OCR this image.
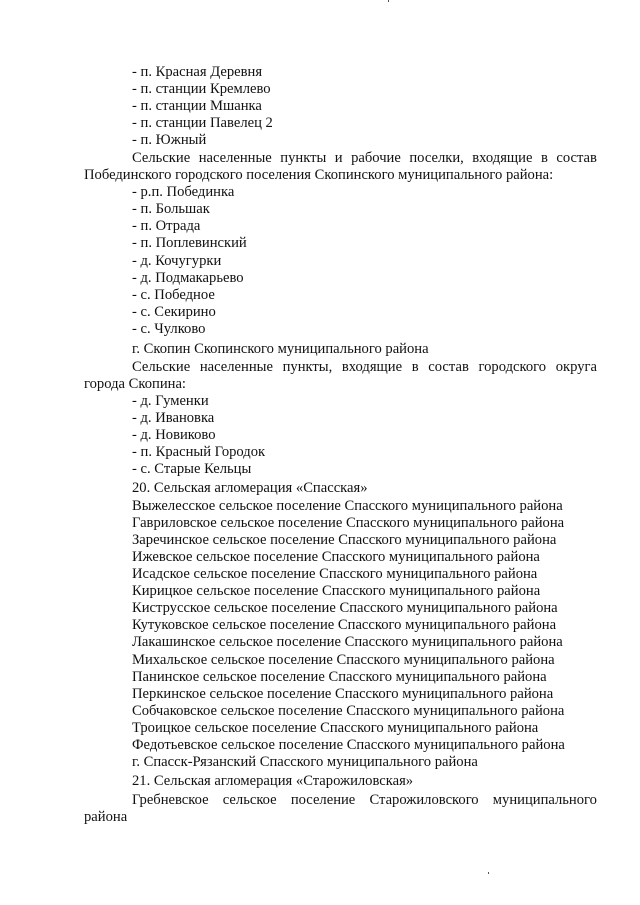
- п. Красная Деревня
- п. станции Кремлево
- п. станции Мшанка
- п. станции Павелец 2
- п. Южный
Сельские населенные пункты и рабочие поселки, входящие в состав
Побединского городского поселения Скопинского муниципального района:
- р.п. Побединка
- п. Большак
- п. Отрада
- п. Поплевинский
- д. Кочугурки
- д. Подмакарьево
- с. Победное
- с. Секирино
- с. Чулково
г. Скопин Скопинского муниципального района
Сельские населенные пункты, входящие в состав городского округа
города Скопина:
- д. Гуменки
- д. Ивановка
- д. Новиково
- п. Красный Городок
- с. Старые Кельцы
20. Сельская агломерация «Спасская»
Выжелесское сельское поселение Спасского муниципального района
Гавриловское сельское поселение Спасского муниципального района
Заречинское сельское поселение Спасского муниципального района
Ижевское сельское поселение Спасского муниципального района
Исадское сельское поселение Спасского муниципального района
Кирицкое сельское поселение Спасского муниципального района
Киструсское сельское поселение Спасского муниципального района
Кутуковское сельское поселение Спасского муниципального района
Лакашинское сельское поселение Спасского муниципального района
Михальское сельское поселение Спасского муниципального района
Панинское сельское поселение Спасского муниципального района
Перкинское сельское поселение Спасского муниципального района
Собчаковское сельское поселение Спасского муниципального района
Троицкое сельское поселение Спасского муниципального района
Федотьевское сельское поселение Спасского муниципального района
г. Спасск-Рязанский Спасского муниципального района
21. Сельская агломерация «Старожиловская»
Гребневское сельское поселение Старожиловского муниципального
района
